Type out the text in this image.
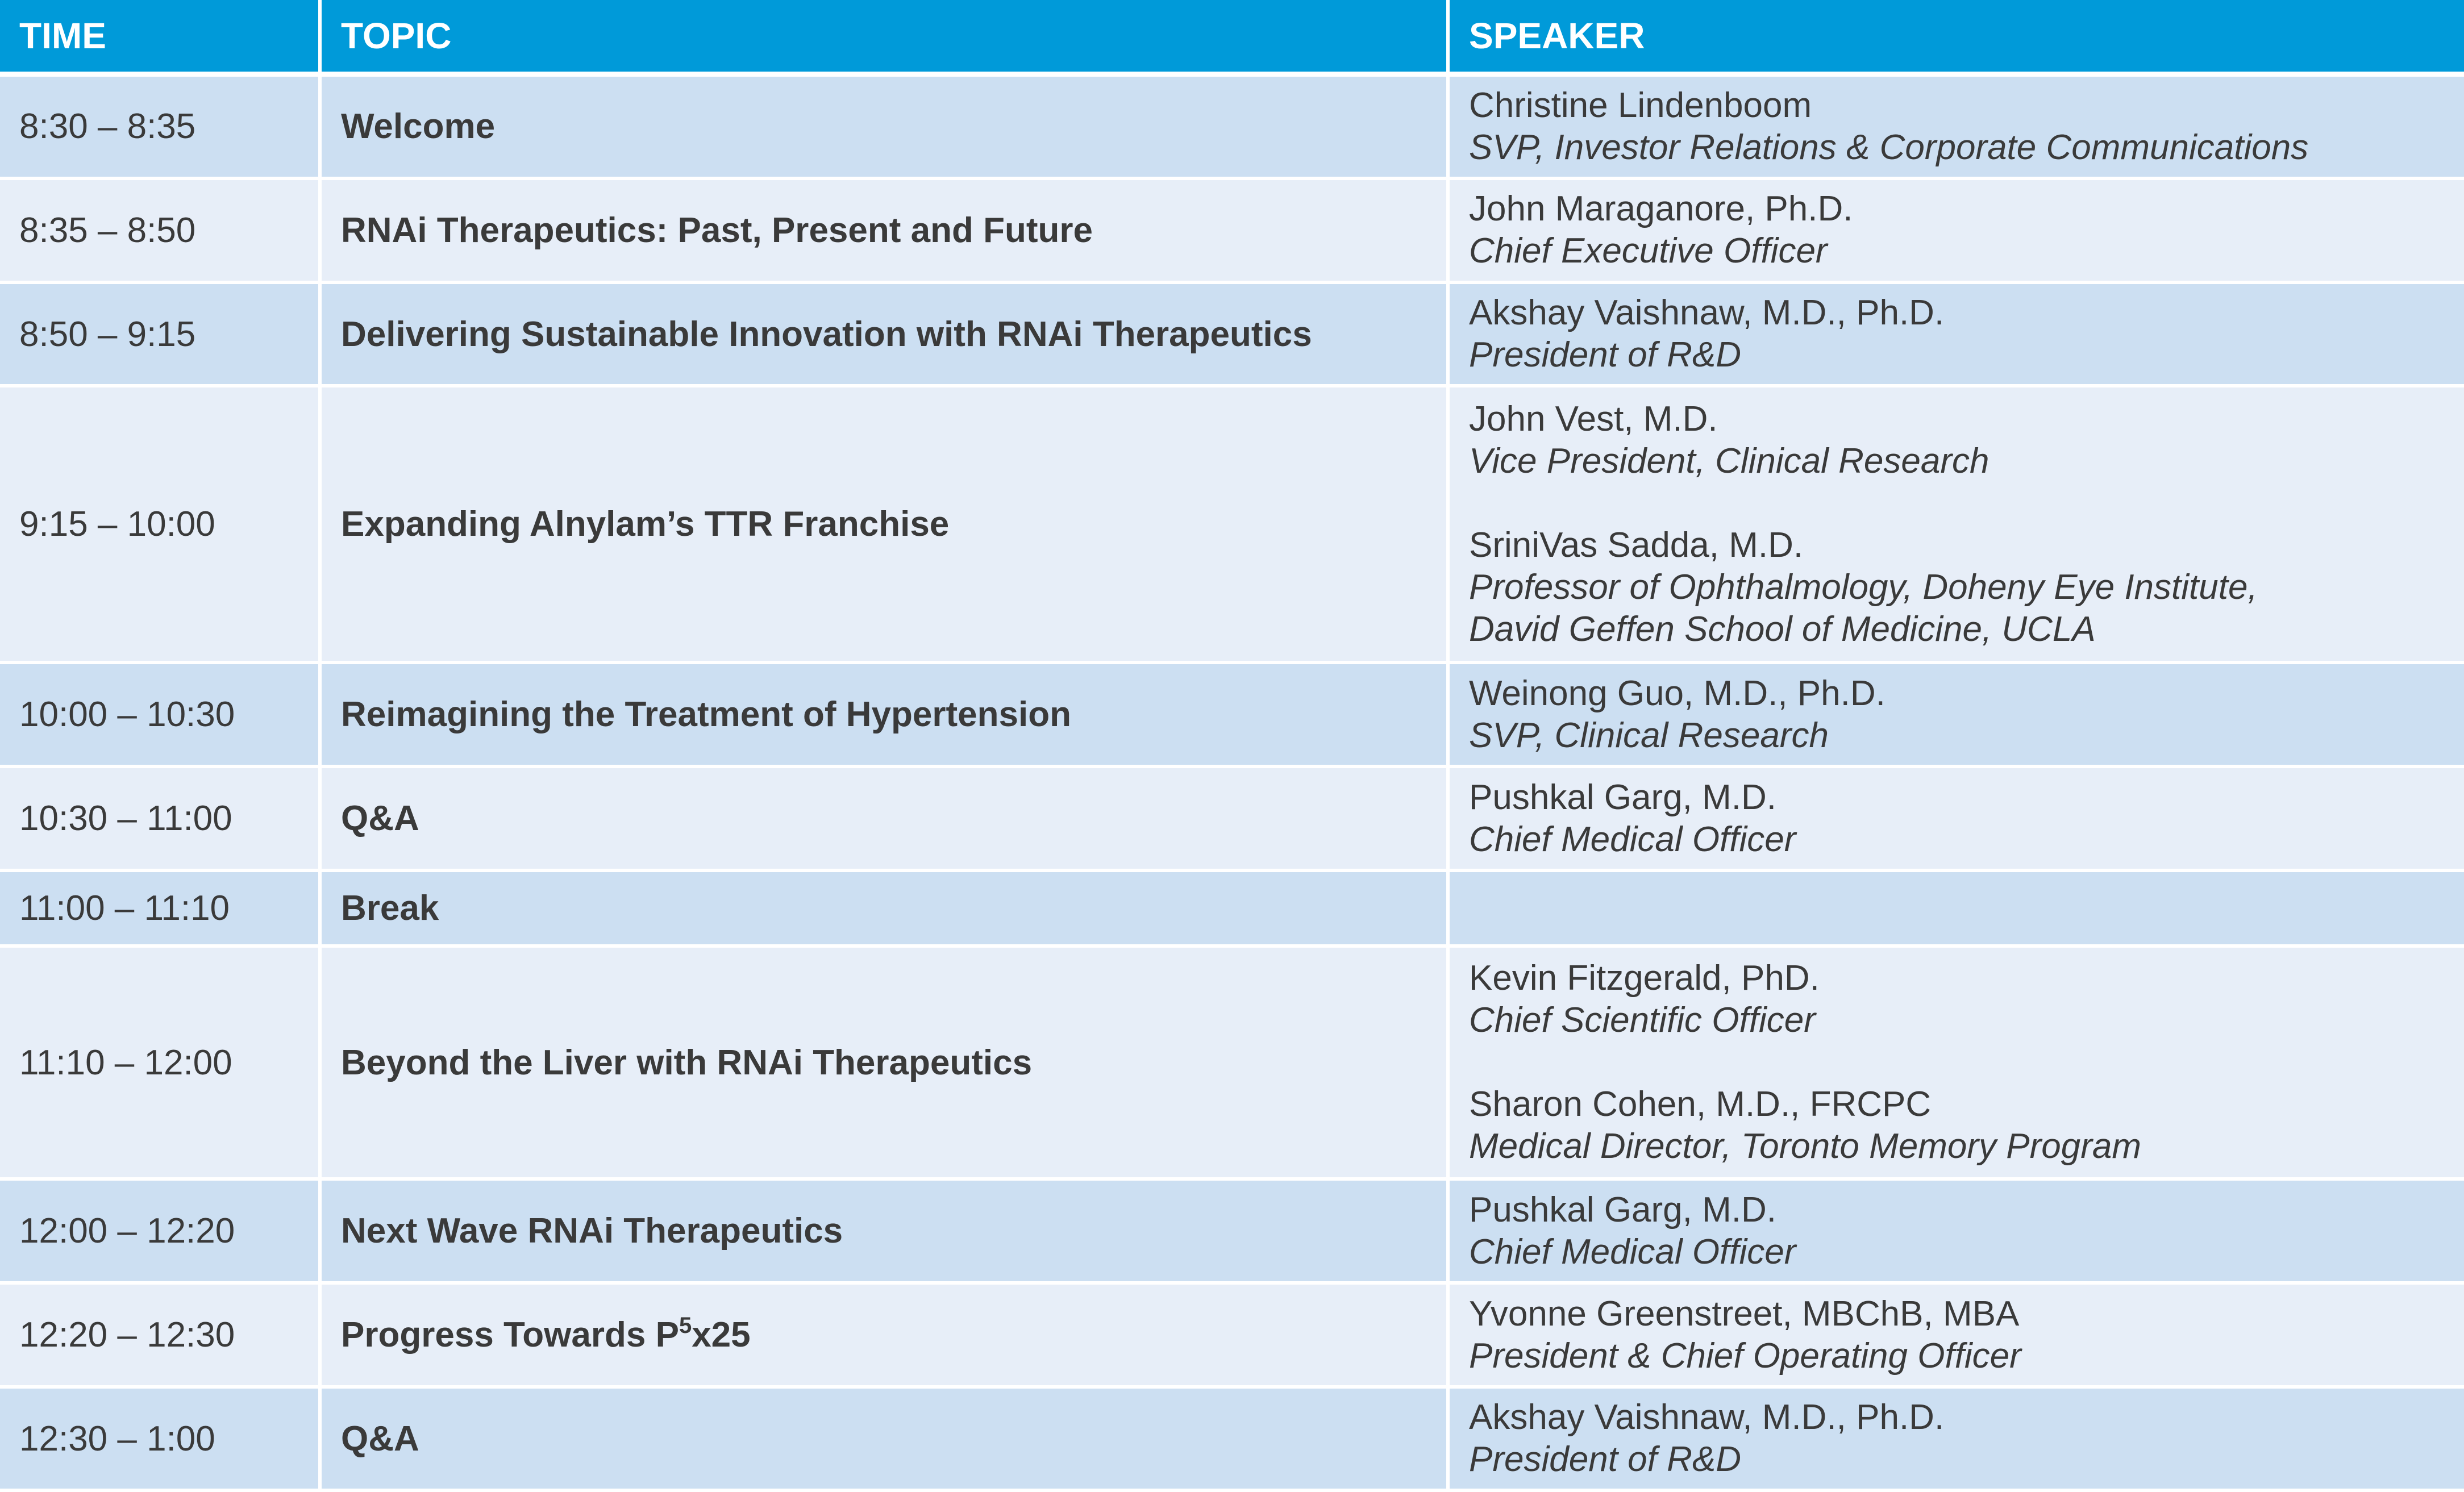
TIME	TOPIC	SPEAKER
8:30 – 8:35	Welcome	Christine Lindenboom
SVP, Investor Relations & Corporate Communications

8:35 – 8:50	RNAi Therapeutics: Past, Present and Future	John Maraganore, Ph.D.
Chief Executive Officer

8:50 – 9:15	Delivering Sustainable Innovation with RNAi Therapeutics	Akshay Vaishnaw, M.D., Ph.D.
President of R&D

9:15 – 10:00	Expanding Alnylam’s TTR Franchise	John Vest, M.D.
Vice President, Clinical Research
SriniVas Sadda, M.D.
Professor of Ophthalmology, Doheny Eye Institute,
David Geffen School of Medicine, UCLA

10:00 – 10:30	Reimagining the Treatment of Hypertension	Weinong Guo, M.D., Ph.D.
SVP, Clinical Research

10:30 – 11:00	Q&A	Pushkal Garg, M.D.
Chief Medical Officer

11:00 – 11:10	Break	
11:10 – 12:00	Beyond the Liver with RNAi Therapeutics	Kevin Fitzgerald, PhD.
Chief Scientific Officer
Sharon Cohen, M.D., FRCPC
Medical Director, Toronto Memory Program

12:00 – 12:20	Next Wave RNAi Therapeutics	Pushkal Garg, M.D.
Chief Medical Officer

12:20 – 12:30	Progress Towards $P^5x25$	Yvonne Greenstreet, MBChB, MBA
President & Chief Operating Officer

12:30 – 1:00	Q&A	Akshay Vaishnaw, M.D., Ph.D.
President of R&D
